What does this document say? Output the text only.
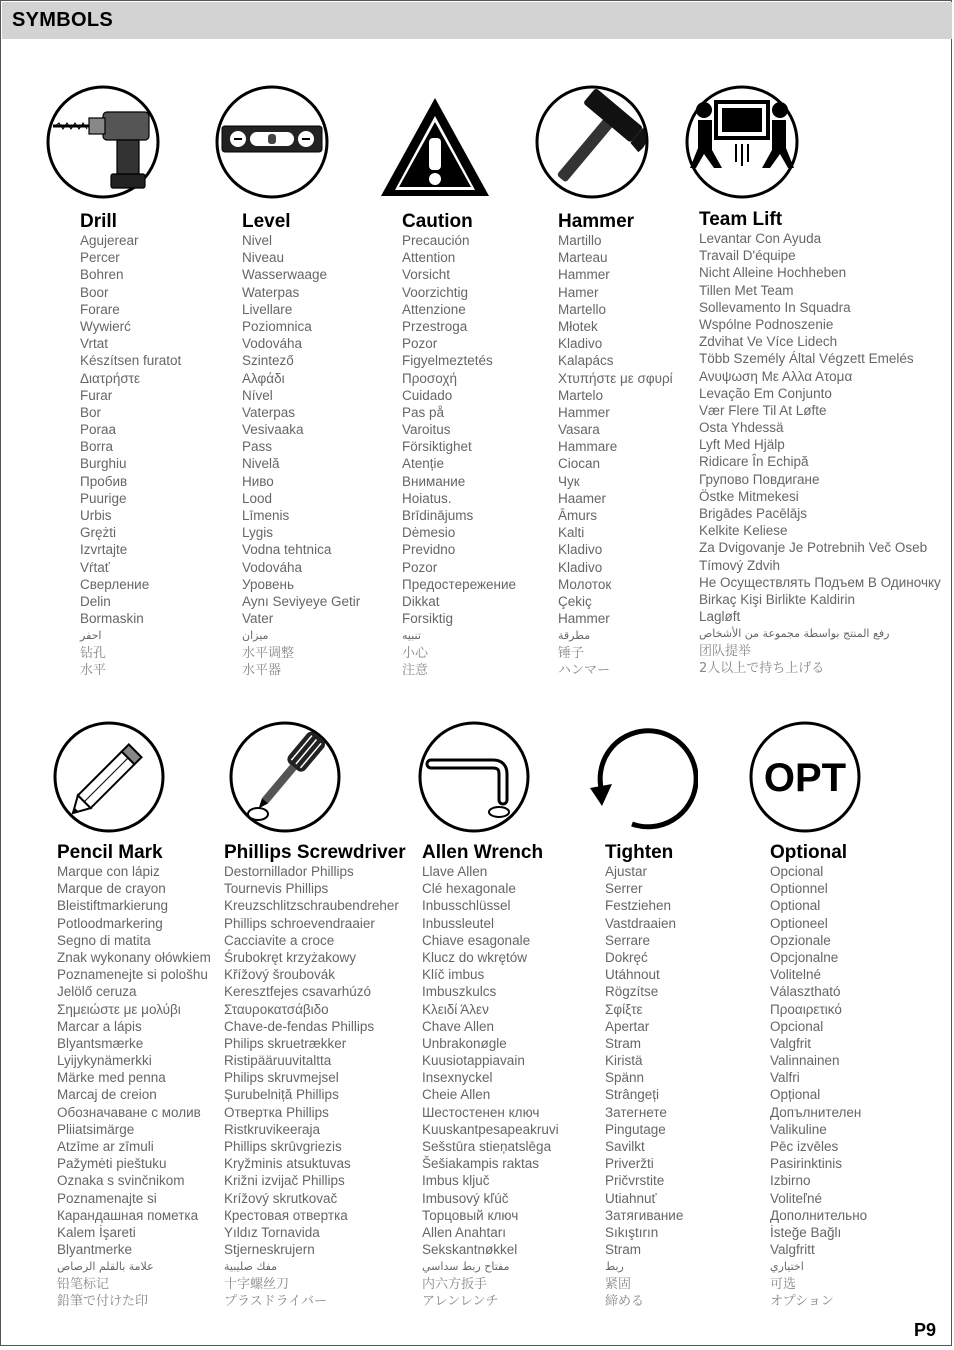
SYMBOLS
Drill
Agujerear
Percer
Bohren
Boor
Forare
Wywierć
Vrtat
Készítsen furatot
Διατρήστε
Furar
Bor
Poraa
Borra
Burghiu
Пробив
Puurige
Urbis
Grężti
Izvrtajte
Vŕtať
Сверление
Delin
Bormaskin
احفر
钻孔
水平
Level
Nivel
Niveau
Wasserwaage
Waterpas
Livellare
Poziomnica
Vodováha
Szintező
Αλφάδι
Nível
Vaterpas
Vesivaaka
Pass
Nivelă
Ниво
Lood
Līmenis
Lygis
Vodna tehtnica
Vodováha
Уровень
Aynı Seviyeye Getir
Vater
ميزان
水平调整
水平器
Caution
Precaución
Attention
Vorsicht
Voorzichtig
Attenzione
Przestroga
Pozor
Figyelmeztetés
Προσοχή
Cuidado
Pas på
Varoitus
Försiktighet
Atenție
Внимание
Hoiatus.
Brīdinājums
Dėmesio
Previdno
Pozor
Предостережение
Dikkat
Forsiktig
تنبيه
小心
注意
Hammer
Martillo
Marteau
Hammer
Hamer
Martello
Młotek
Kladivo
Kalapács
Χτυπήστε με σφυρί
Martelo
Hammer
Vasara
Hammare
Ciocan
Чук
Haamer
Āmurs
Kalti
Kladivo
Kladivo
Молоток
Çekiç
Hammer
مطرقة
锤子
ハンマー
Team Lift
Levantar Con Ayuda
Travail D'équipe
Nicht Alleine Hochheben
Tillen Met Team
Sollevamento In Squadra
Wspólne Podnoszenie
Zdvihat Ve Více Lidech
Több Személy Által Végzett Emelés
Ανυψωση Με Αλλα Ατομα
Levação Em Conjunto
Vær Flere Til At Løfte
Osta Yhdessä
Lyft Med Hjälp
Ridicare În Echipă
Групово Повдигане
Östke Mitmekesi
Brigādes Pacēlājs
Kelkite Keliese
Za Dvigovanje Je Potrebnih Več Oseb
Tímový Zdvih
Не Осуществлять Подъем В Одиночку
Birkaç Kişi Birlikte Kaldirin
Lagløft
رفع المنتج بواسطة مجموعة من الأشخاص
团队提举
2人以上で持ち上げる
OPT
Pencil Mark
Marque con lápiz
Marque de crayon
Bleistiftmarkierung
Potloodmarkering
Segno di matita
Znak wykonany ołówkiem
Poznamenejte si pološhu
Jelölő ceruza
Σημειώστε με μολύβι
Marcar a lápis
Blyantsmærke
Lyijykynämerkki
Märke med penna
Marcaj de creion
Обозначаване с молив
Pliiatsimärge
Atzīme ar zīmuli
Pažymėti pieštuku
Oznaka s svinčnikom
Poznamenajte si
Карандашная пометка
Kalem İşareti
Blyantmerke
علامة بالقلم الرصاص
铅笔标记
鉛筆で付けた印
Phillips Screwdriver
Destornillador Phillips
Tournevis Phillips
Kreuzschlitzschraubendreher
Phillips schroevendraaier
Cacciavite a croce
Śrubokręt krzyżakowy
Křížový šroubovák
Keresztfejes csavarhúzó
Σταυροκατσάβιδο
Chave-de-fendas Phillips
Philips skruetrækker
Ristipääruuvitaltta
Philips skruvmejsel
Șurubelniță Phillips
Отвертка Phillips
Ristkruvikeeraja
Phillips skrūvgriezis
Kryžminis atsuktuvas
Križni izvijač Phillips
Krížový skrutkovač
Крестовая отвертка
Yıldız Tornavida
Stjerneskrujern
مفك صليبية
十字螺丝刀
プラスドライバー
Allen Wrench
Llave Allen
Clé hexagonale
Inbusschlüssel
Inbussleutel
Chiave esagonale
Klucz do wkrętów
Klíč imbus
Imbuszkulcs
Κλειδί Άλεν
Chave Allen
Unbrakonøgle
Kuusiotappiavain
Insexnyckel
Cheie Allen
Шестостенен ключ
Kuuskantpesapeakruvi
Sešstūra stieņatslēga
Šešiakampis raktas
Imbus ključ
Imbusový kľúč
Торцовый ключ
Allen Anahtarı
Sekskantnøkkel
مفتاح ربط سداسي
内六方扳手
アレンレンチ
Tighten
Ajustar
Serrer
Festziehen
Vastdraaien
Serrare
Dokręć
Utáhnout
Rögzítse
Σφίξτε
Apertar
Stram
Kiristä
Spänn
Strângeți
Затегнете
Pingutage
Savilkt
Priveržti
Pričvrstite
Utiahnuť
Затягивание
Sıkıştırın
Stram
ربط
紧固
締める
Optional
Opcional
Optionnel
Optional
Optioneel
Opzionale
Opcjonalne
Volitelné
Választható
Προαιρετικό
Opcional
Valgfrit
Valinnainen
Valfri
Opțional
Допълнителен
Valikuline
Pēc izvēles
Pasirinktinis
Izbirno
Voliteľné
Дополнительно
İsteğe Bağlı
Valgfritt
اختياري
可选
オプション
P9
